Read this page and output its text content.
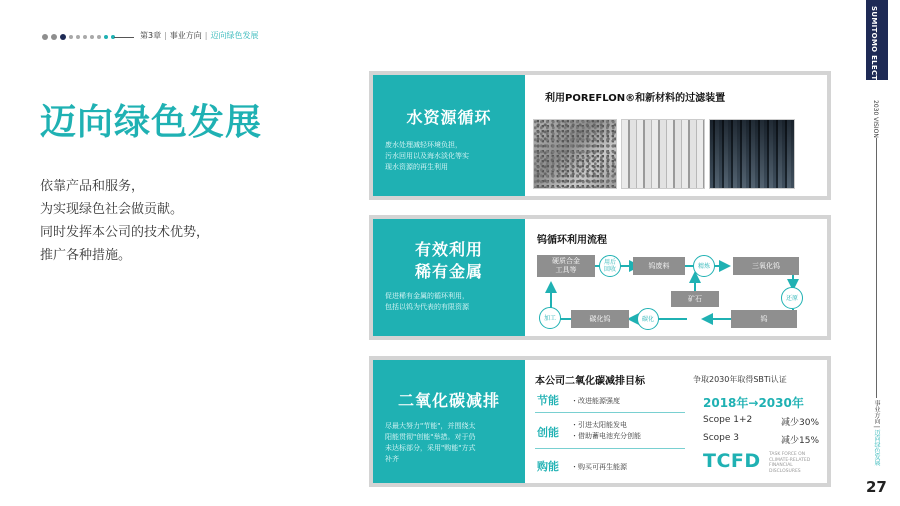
第3章 | 事业方向 | 迈向绿色发展
迈向绿色发展
依靠产品和服务，
为实现绿色社会做贡献。
同时发挥本公司的技术优势，
推广各种措施。
SUMITOMO ELECTRIC
2030 VISION
事业方向 | 迈向绿色发展
27
水资源循环
废水处理减轻环境负担，
污水回用以及海水淡化等实
现水资源的再生利用
利用POREFLON®和新材料的过滤装置
有效利用
稀有金属
促进稀有金属的循环利用，
包括以钨为代表的有限资源
钨循环利用流程
硬质合金
工具等
用后
回收	钨废料	精炼	三氧化钨
矿石	还原
加工	碳化钨	碳化	钨
二氧化碳减排
尽最大努力"节能"，并围绕太
阳能贯彻"创能"举措。对于仍
未达标部分，采用"购能"方式
补齐
本公司二氧化碳减排目标	争取2030年取得SBTi认证
节能 ・改进能源强度
创能
・引进太阳能发电
・借助蓄电池充分创能
购能 ・购买可再生能源
2018年→2030年
Scope 1+2	减少30%
Scope 3	减少15%
TCFD TASK FORCE ON
CLIMATE-RELATED
FINANCIAL
DISCLOSURES
